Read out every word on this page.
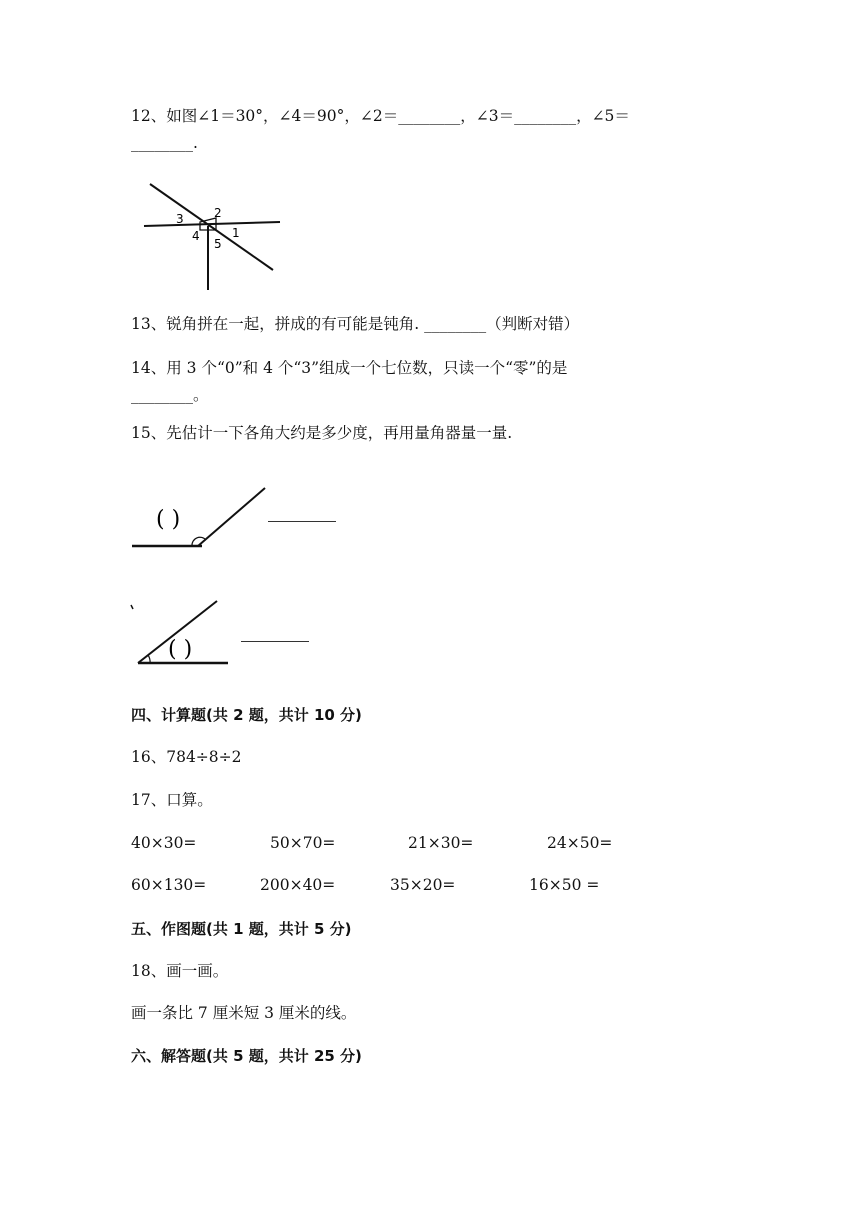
12、如图∠1＝30°，∠4＝90°，∠2＝________，∠3＝________，∠5＝
________.
3	2
4	1
5
13、锐角拼在一起，拼成的有可能是钝角. ________（判断对错）
14、用 3 个“0”和 4 个“3”组成一个七位数，只读一个“零”的是
________。
15、先估计一下各角大约是多少度，再用量角器量一量.
( )
( )
四、计算题(共 2 题，共计 10 分)
16、784÷8÷2
17、口算。
40×30=	50×70=	21×30=	24×50=
60×130=	200×40=	35×20=	16×50 =
五、作图题(共 1 题，共计 5 分)
18、画一画。
画一条比 7 厘米短 3 厘米的线。
六、解答题(共 5 题，共计 25 分)
